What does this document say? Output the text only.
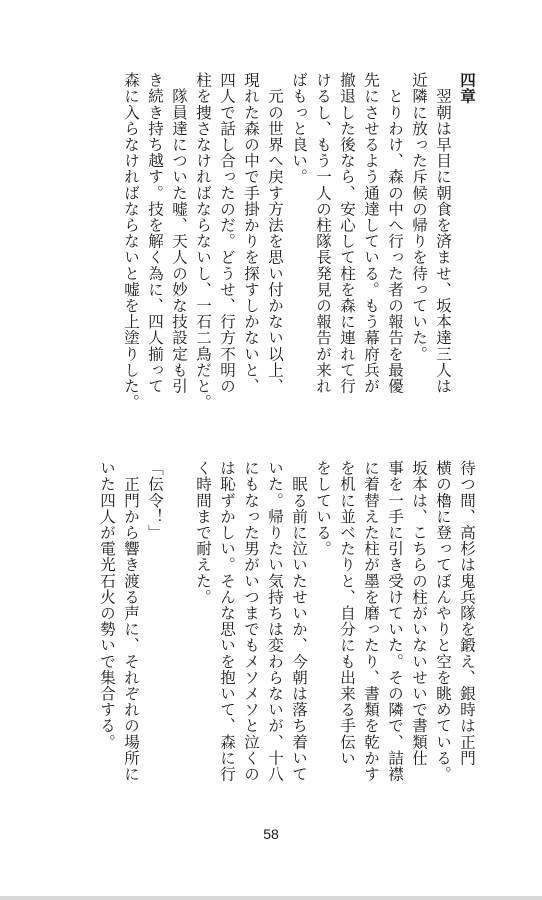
四章

　翌朝は早目に朝食を済ませ、坂本達三人は

近隣に放った斥候の帰りを待っていた。

　とりわけ、森の中へ行った者の報告を最優

先にさせるよう通達している。もう幕府兵が

撤退した後なら、安心して柱を森に連れて行

けるし、もう一人の柱隊長発見の報告が来れ

ばもっと良い。

　元の世界へ戻す方法を思い付かない以上、

現れた森の中で手掛かりを探すしかないと、

四人で話し合ったのだ。どうせ、行方不明の

柱を捜さなければならないし、一石二鳥だと。

　隊員達についた嘘、天人の妙な技設定も引

き続き持ち越す。技を解く為に、四人揃って

森に入らなければならないと嘘を上塗りした。

待つ間、高杉は鬼兵隊を鍛え、銀時は正門

横の櫓に登ってぼんやりと空を眺めている。

坂本は、こちらの柱がいないせいで書類仕

事を一手に引き受けていた。その隣で、詰襟

に着替えた柱が墨を磨ったり、書類を乾かす

を机に並べたりと、自分にも出来る手伝い

をしている。

　眠る前に泣いたせいか、今朝は落ち着いて

いた。帰りたい気持ちは変わらないが、十八

にもなった男がいつまでもメソメソと泣くの

は恥ずかしい。そんな思いを抱いて、森に行

く時間まで耐えた。

「伝令！」

　正門から響き渡る声に、それぞれの場所に

いた四人が電光石火の勢いで集合する。

58
